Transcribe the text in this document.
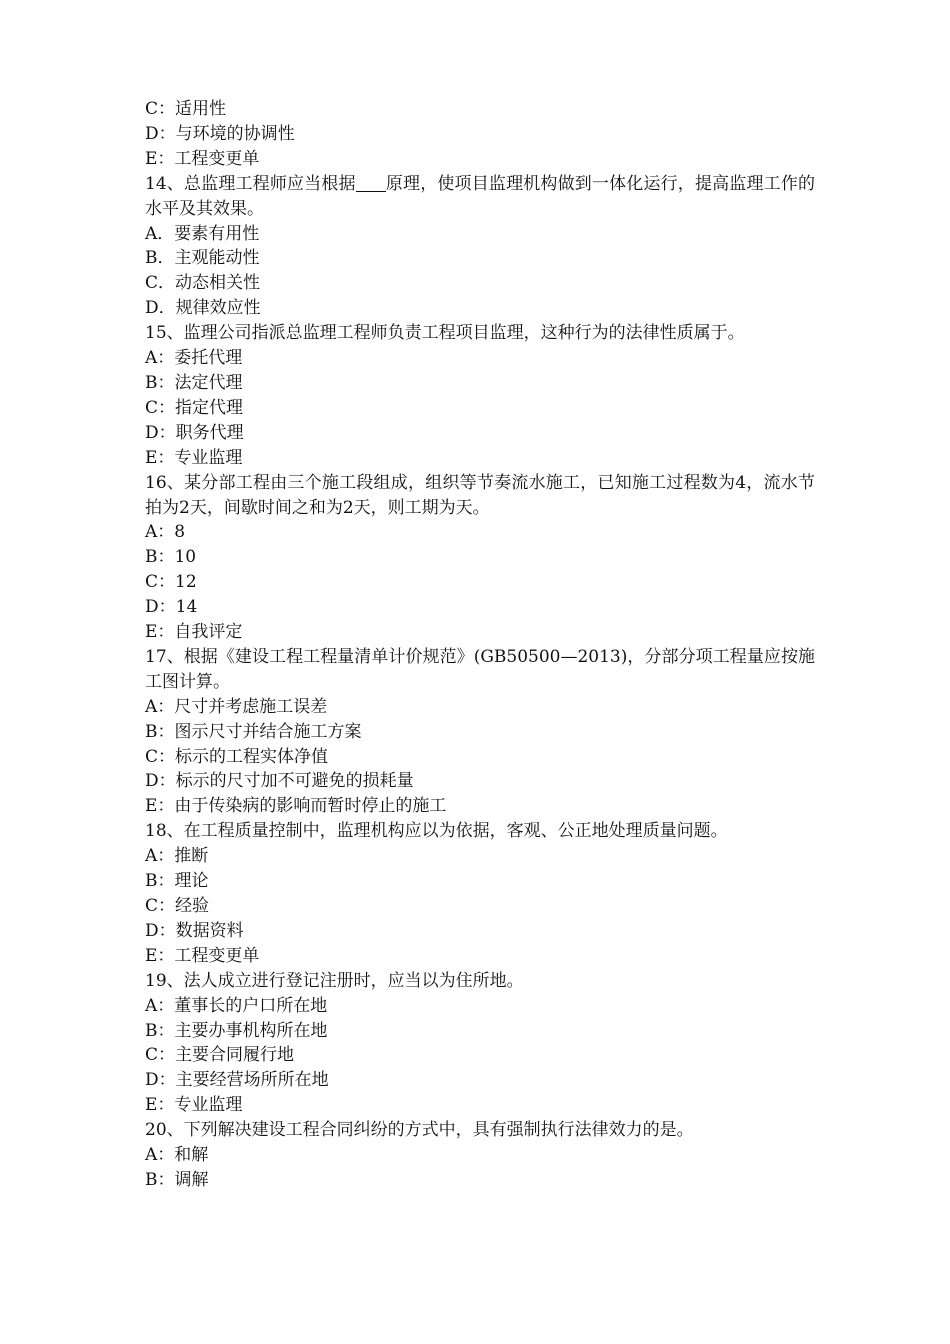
C：适用性
D：与环境的协调性
E：工程变更单
14、总监理工程师应当根据 原理，使项目监理机构做到一体化运行，提高监理工作的水平及其效果。
A．要素有用性
B．主观能动性
C．动态相关性
D．规律效应性
15、监理公司指派总监理工程师负责工程项目监理，这种行为的法律性质属于。
A：委托代理
B：法定代理
C：指定代理
D：职务代理
E：专业监理
16、某分部工程由三个施工段组成，组织等节奏流水施工，已知施工过程数为4，流水节拍为2天，间歇时间之和为2天，则工期为天。
A：8
B：10
C：12
D：14
E：自我评定
17、根据《建设工程工程量清单计价规范》(GB50500—2013)，分部分项工程量应按施工图计算。
A：尺寸并考虑施工误差
B：图示尺寸并结合施工方案
C：标示的工程实体净值
D：标示的尺寸加不可避免的损耗量
E：由于传染病的影响而暂时停止的施工
18、在工程质量控制中，监理机构应以为依据，客观、公正地处理质量问题。
A：推断
B：理论
C：经验
D：数据资料
E：工程变更单
19、法人成立进行登记注册时，应当以为住所地。
A：董事长的户口所在地
B：主要办事机构所在地
C：主要合同履行地
D：主要经营场所所在地
E：专业监理
20、下列解决建设工程合同纠纷的方式中，具有强制执行法律效力的是。
A：和解
B：调解
